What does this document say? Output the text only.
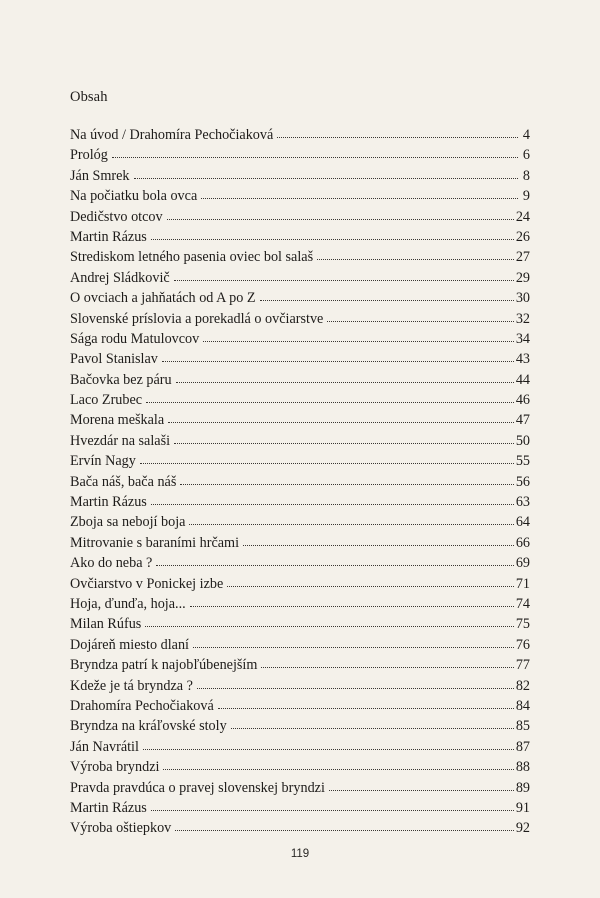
Obsah
Na úvod / Drahomíra Pechočiaková	4
Prológ	6
Ján Smrek	8
Na počiatku bola ovca	9
Dedičstvo otcov	24
Martin Rázus	26
Strediskom letného pasenia oviec bol salaš	27
Andrej Sládkovič	29
O ovciach a jahňatách od A po Z	30
Slovenské príslovia a porekadlá o ovčiarstve	32
Sága rodu Matulovcov	34
Pavol Stanislav	43
Bačovka bez páru	44
Laco Zrubec	46
Morena meškala	47
Hvezdár na salaši	50
Ervín Nagy	55
Bača náš, bača náš	56
Martin Rázus	63
Zboja sa nebojí boja	64
Mitrovanie s baraními hrčami	66
Ako do neba ?	69
Ovčiarstvo v Ponickej izbe	71
Hoja, ďunďa, hoja...	74
Milan Rúfus	75
Dojáreň miesto dlaní	76
Bryndza patrí k najobľúbenejším	77
Kdeže je tá bryndza ?	82
Drahomíra Pechočiaková	84
Bryndza na kráľovské stoly	85
Ján Navrátil	87
Výroba bryndzi	88
Pravda pravdúca o pravej slovenskej bryndzi	89
Martin Rázus	91
Výroba oštiepkov	92
119
